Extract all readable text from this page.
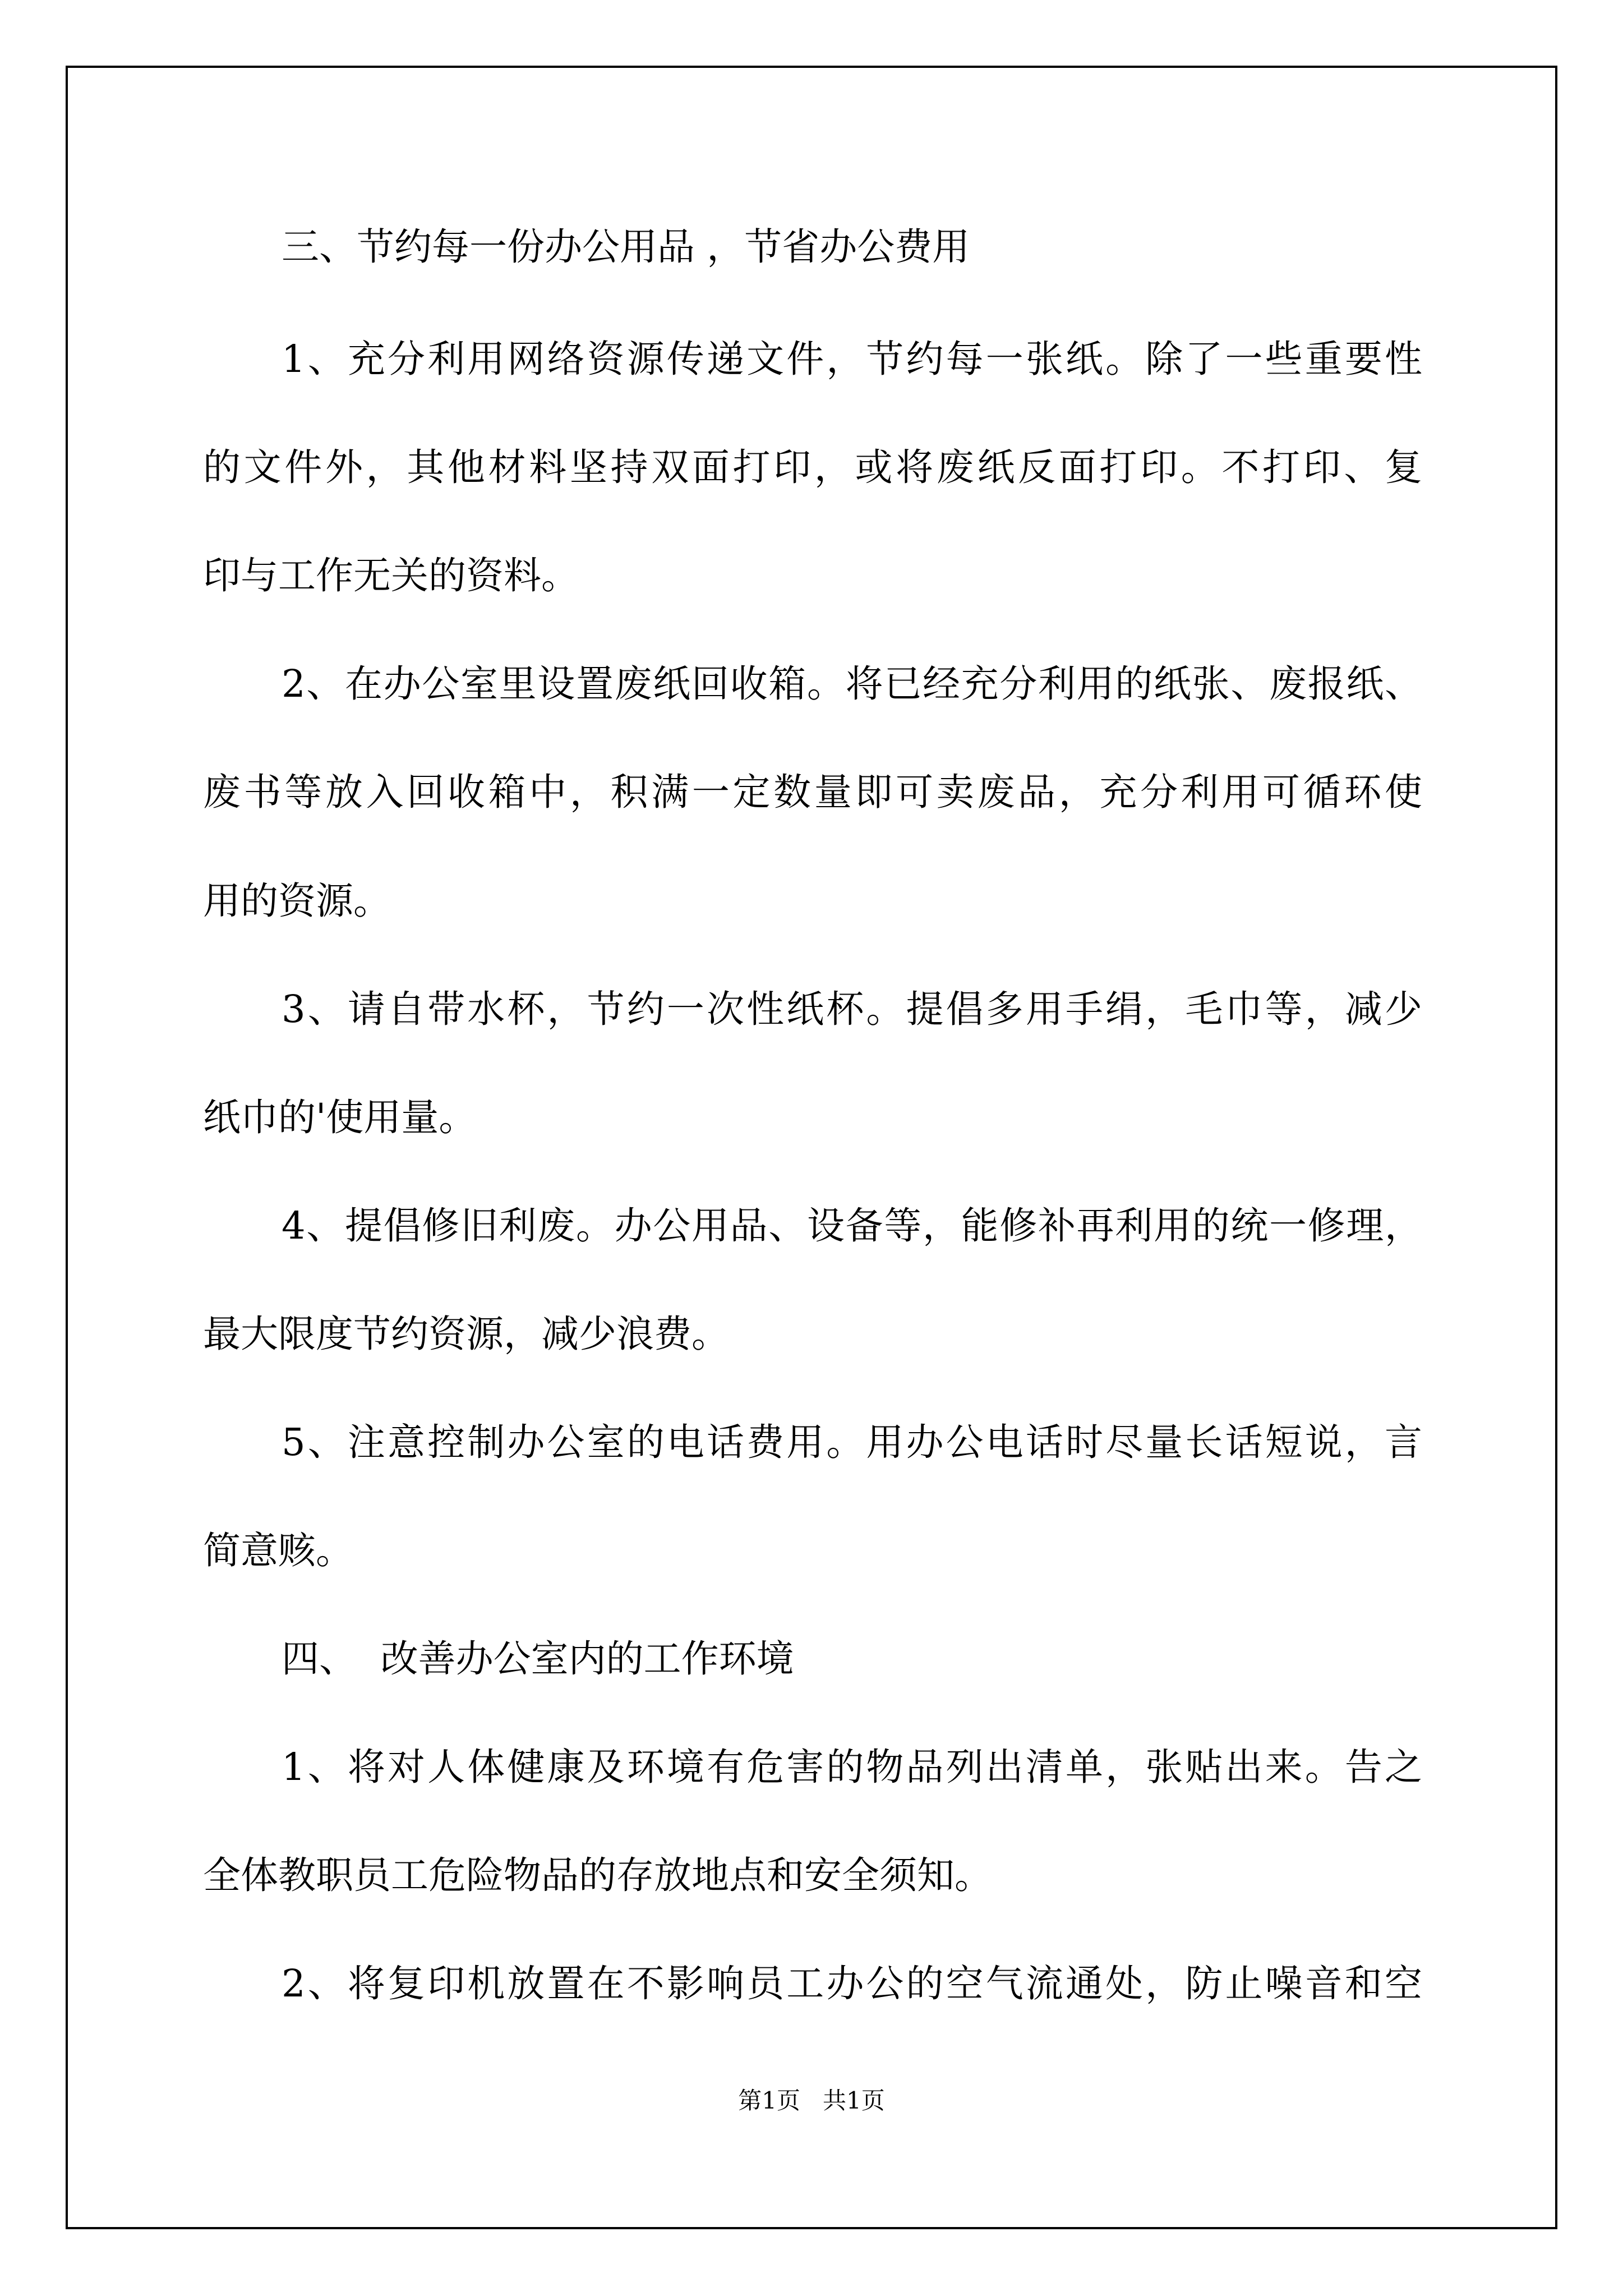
三、节约每一份办公用品 ，节省办公费用
1、充分利用网络资源传递文件，节约每一张纸。除了一些重要性
的文件外，其他材料坚持双面打印，或将废纸反面打印。不打印、复
印与工作无关的资料。
2、在办公室里设置废纸回收箱。将已经充分利用的纸张、废报纸、
废书等放入回收箱中，积满一定数量即可卖废品，充分利用可循环使
用的资源。
3、请自带水杯，节约一次性纸杯。提倡多用手绢，毛巾等，减少
纸巾的'使用量。
4、提倡修旧利废。办公用品、设备等，能修补再利用的统一修理，
最大限度节约资源，减少浪费。
5、注意控制办公室的电话费用。用办公电话时尽量长话短说，言
简意赅。
四、  改善办公室内的工作环境
1、将对人体健康及环境有危害的物品列出清单，张贴出来。告之
全体教职员工危险物品的存放地点和安全须知。
2、将复印机放置在不影响员工办公的空气流通处，防止噪音和空
第1页   共1页
